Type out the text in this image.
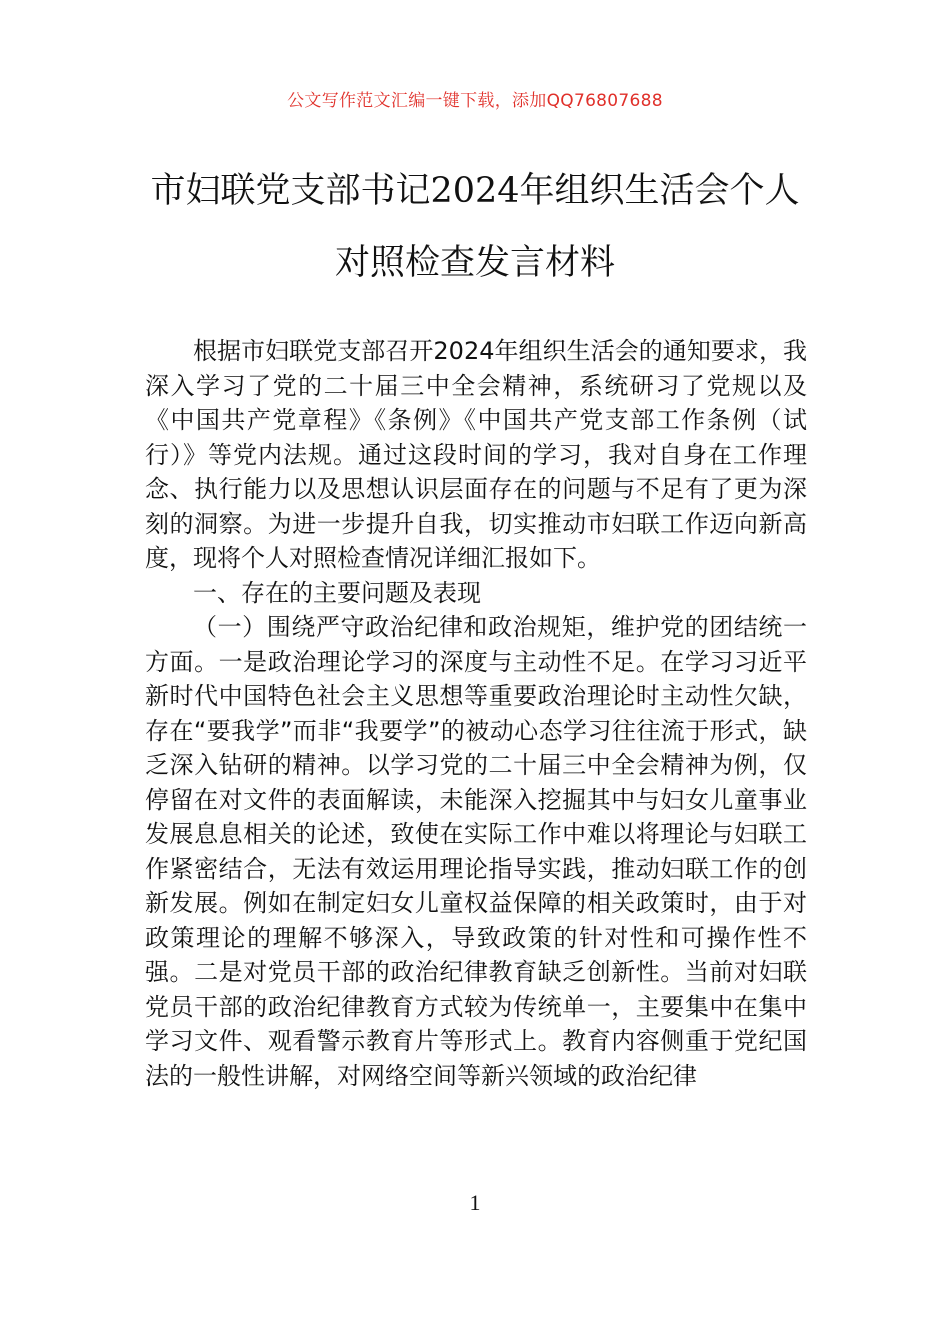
公文写作范文汇编一键下载，添加QQ76807688
市妇联党支部书记2024年组织生活会个人
对照检查发言材料

根据市妇联党支部召开2024年组织生活会的通知要求，我深入学习了党的二十届三中全会精神，系统研习了党规以及《中国共产党章程》《条例》《中国共产党支部工作条例（试行）》等党内法规。通过这段时间的学习，我对自身在工作理念、执行能力以及思想认识层面存在的问题与不足有了更为深刻的洞察。为进一步提升自我，切实推动市妇联工作迈向新高度，现将个人对照检查情况详细汇报如下。

一、存在的主要问题及表现

（一）围绕严守政治纪律和政治规矩，维护党的团结统一方面。一是政治理论学习的深度与主动性不足。在学习习近平新时代中国特色社会主义思想等重要政治理论时主动性欠缺，存在“要我学”而非“我要学”的被动心态学习往往流于形式，缺乏深入钻研的精神。以学习党的二十届三中全会精神为例，仅停留在对文件的表面解读，未能深入挖掘其中与妇女儿童事业发展息息相关的论述，致使在实际工作中难以将理论与妇联工作紧密结合，无法有效运用理论指导实践，推动妇联工作的创新发展。例如在制定妇女儿童权益保障的相关政策时，由于对政策理论的理解不够深入，导致政策的针对性和可操作性不强。二是对党员干部的政治纪律教育缺乏创新性。当前对妇联党员干部的政治纪律教育方式较为传统单一，主要集中在集中学习文件、观看警示教育片等形式上。教育内容侧重于党纪国法的一般性讲解，对网络空间等新兴领域的政治纪律

1
